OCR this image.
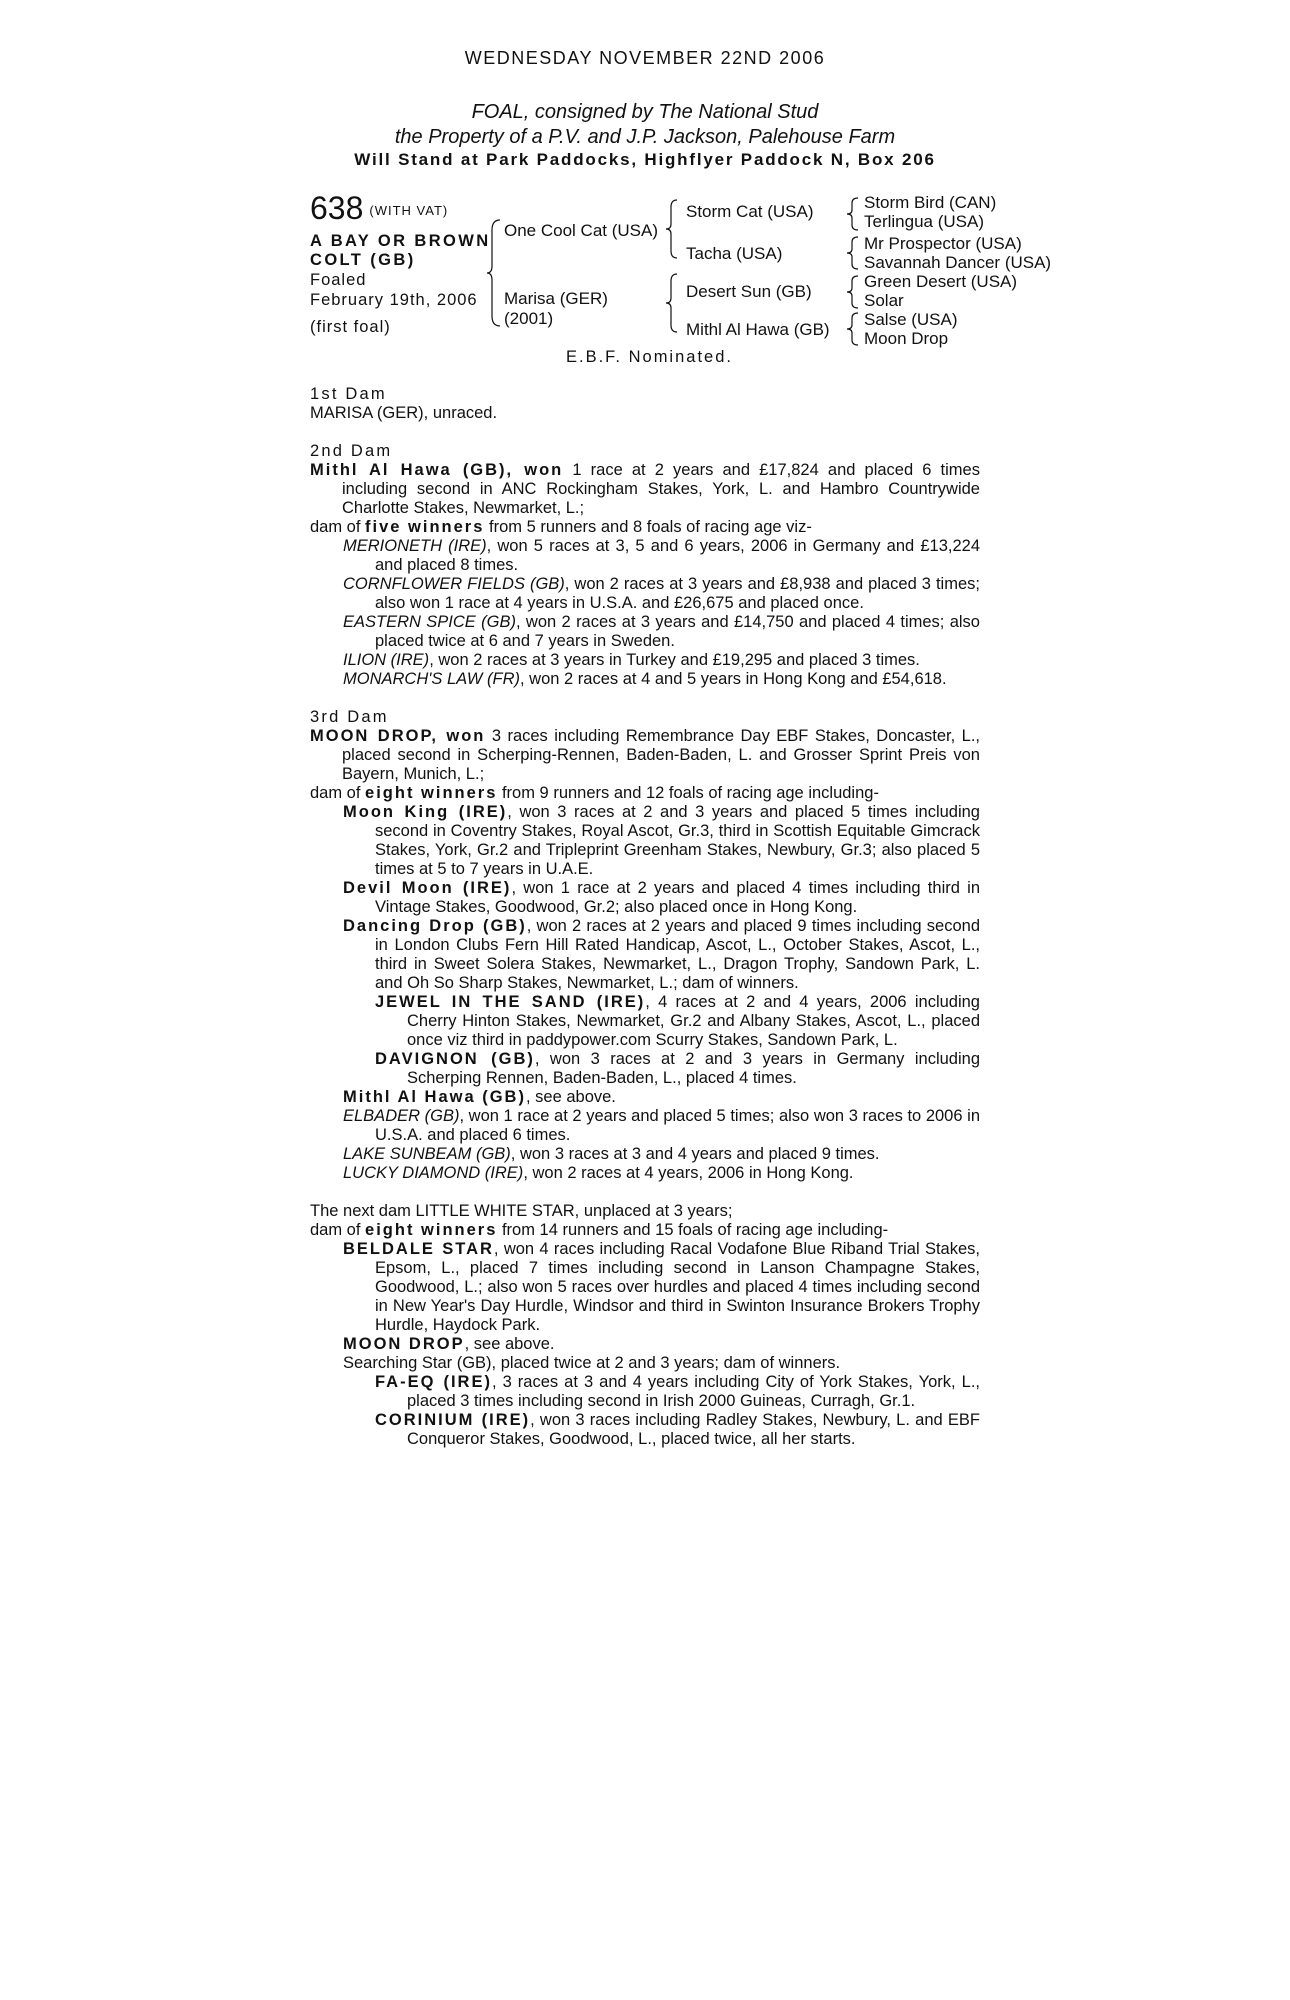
WEDNESDAY NOVEMBER 22ND 2006
FOAL, consigned by The National Stud
the Property of a P.V. and J.P. Jackson, Palehouse Farm
Will Stand at Park Paddocks, Highflyer Paddock N, Box 206
638 (WITH VAT)
A BAY OR BROWN
COLT (GB)
Foaled
February 19th, 2006
(first foal)
One Cool Cat (USA)
Marisa (GER)
(2001)
Storm Cat (USA)
Tacha (USA)
Desert Sun (GB)
Mithl Al Hawa (GB)
Storm Bird (CAN)
Terlingua (USA)
Mr Prospector (USA)
Savannah Dancer (USA)
Green Desert (USA)
Solar
Salse (USA)
Moon Drop
E.B.F. Nominated.

1st Dam

MARISA (GER), unraced.

2nd Dam

Mithl Al Hawa (GB), won 1 race at 2 years and £17,824 and placed 6 times including second in ANC Rockingham Stakes, York, L. and Hambro Countrywide Charlotte Stakes, Newmarket, L.;

dam of five winners from 5 runners and 8 foals of racing age viz-

MERIONETH (IRE), won 5 races at 3, 5 and 6 years, 2006 in Germany and £13,224 and placed 8 times.

CORNFLOWER FIELDS (GB), won 2 races at 3 years and £8,938 and placed 3 times; also won 1 race at 4 years in U.S.A. and £26,675 and placed once.

EASTERN SPICE (GB), won 2 races at 3 years and £14,750 and placed 4 times; also placed twice at 6 and 7 years in Sweden.

ILION (IRE), won 2 races at 3 years in Turkey and £19,295 and placed 3 times.

MONARCH'S LAW (FR), won 2 races at 4 and 5 years in Hong Kong and £54,618.

3rd Dam

MOON DROP, won 3 races including Remembrance Day EBF Stakes, Doncaster, L., placed second in Scherping-Rennen, Baden-Baden, L. and Grosser Sprint Preis von Bayern, Munich, L.;

dam of eight winners from 9 runners and 12 foals of racing age including-

Moon King (IRE), won 3 races at 2 and 3 years and placed 5 times including second in Coventry Stakes, Royal Ascot, Gr.3, third in Scottish Equitable Gimcrack Stakes, York, Gr.2 and Tripleprint Greenham Stakes, Newbury, Gr.3; also placed 5 times at 5 to 7 years in U.A.E.

Devil Moon (IRE), won 1 race at 2 years and placed 4 times including third in Vintage Stakes, Goodwood, Gr.2; also placed once in Hong Kong.

Dancing Drop (GB), won 2 races at 2 years and placed 9 times including second in London Clubs Fern Hill Rated Handicap, Ascot, L., October Stakes, Ascot, L., third in Sweet Solera Stakes, Newmarket, L., Dragon Trophy, Sandown Park, L. and Oh So Sharp Stakes, Newmarket, L.; dam of winners.

JEWEL IN THE SAND (IRE), 4 races at 2 and 4 years, 2006 including Cherry Hinton Stakes, Newmarket, Gr.2 and Albany Stakes, Ascot, L., placed once viz third in paddypower.com Scurry Stakes, Sandown Park, L.

DAVIGNON (GB), won 3 races at 2 and 3 years in Germany including Scherping Rennen, Baden-Baden, L., placed 4 times.

Mithl Al Hawa (GB), see above.

ELBADER (GB), won 1 race at 2 years and placed 5 times; also won 3 races to 2006 in U.S.A. and placed 6 times.

LAKE SUNBEAM (GB), won 3 races at 3 and 4 years and placed 9 times.

LUCKY DIAMOND (IRE), won 2 races at 4 years, 2006 in Hong Kong.

The next dam LITTLE WHITE STAR, unplaced at 3 years;

dam of eight winners from 14 runners and 15 foals of racing age including-

BELDALE STAR, won 4 races including Racal Vodafone Blue Riband Trial Stakes, Epsom, L., placed 7 times including second in Lanson Champagne Stakes, Goodwood, L.; also won 5 races over hurdles and placed 4 times including second in New Year's Day Hurdle, Windsor and third in Swinton Insurance Brokers Trophy Hurdle, Haydock Park.

MOON DROP, see above.

Searching Star (GB), placed twice at 2 and 3 years; dam of winners.

FA-EQ (IRE), 3 races at 3 and 4 years including City of York Stakes, York, L., placed 3 times including second in Irish 2000 Guineas, Curragh, Gr.1.

CORINIUM (IRE), won 3 races including Radley Stakes, Newbury, L. and EBF Conqueror Stakes, Goodwood, L., placed twice, all her starts.
